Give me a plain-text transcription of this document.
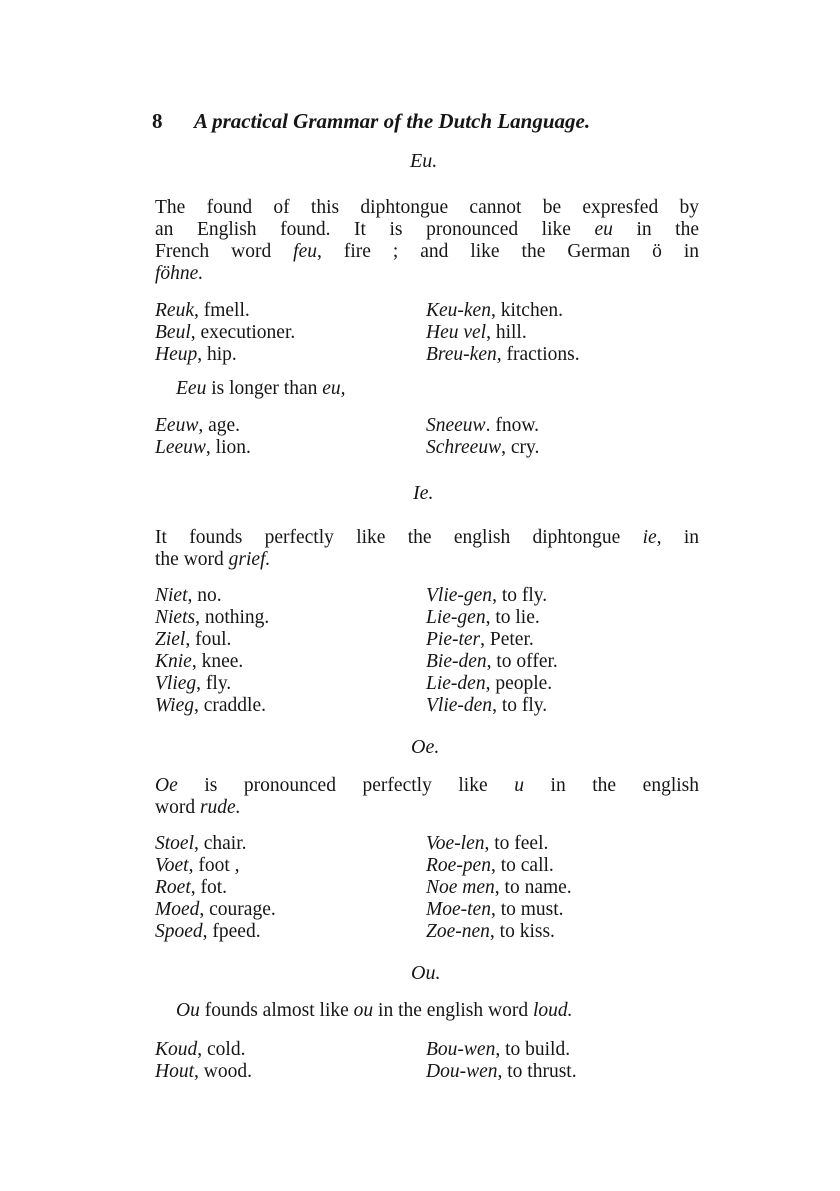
8 A practical Grammar of the Dutch Language.
Eu.
The found of this diphtongue cannot be expresfed by
an English found. It is pronounced like eu in the
French word feu, fire ; and like the German ö in
föhne.
Reuk, fmell.
Beul, executioner.
Heup, hip.
Keu-ken, kitchen.
Heu vel, hill.
Breu-ken, fractions.
Eeu is longer than eu,
Eeuw, age.
Leeuw, lion.
Sneeuw. fnow.
Schreeuw, cry.
Ie.
It founds perfectly like the english diphtongue ie, in
the word grief.
Niet, no.
Niets, nothing.
Ziel, foul.
Knie, knee.
Vlieg, fly.
Wieg, craddle.
Vlie-gen, to fly.
Lie-gen, to lie.
Pie-ter, Peter.
Bie-den, to offer.
Lie-den, people.
Vlie-den, to fly.
Oe.
Oe is pronounced perfectly like u in the english
word rude.
Stoel, chair.
Voet, foot ,
Roet, fot.
Moed, courage.
Spoed, fpeed.
Voe-len, to feel.
Roe-pen, to call.
Noe men, to name.
Moe-ten, to must.
Zoe-nen, to kiss.
Ou.
Ou founds almost like ou in the english word loud.
Koud, cold.
Hout, wood.
Bou-wen, to build.
Dou-wen, to thrust.
